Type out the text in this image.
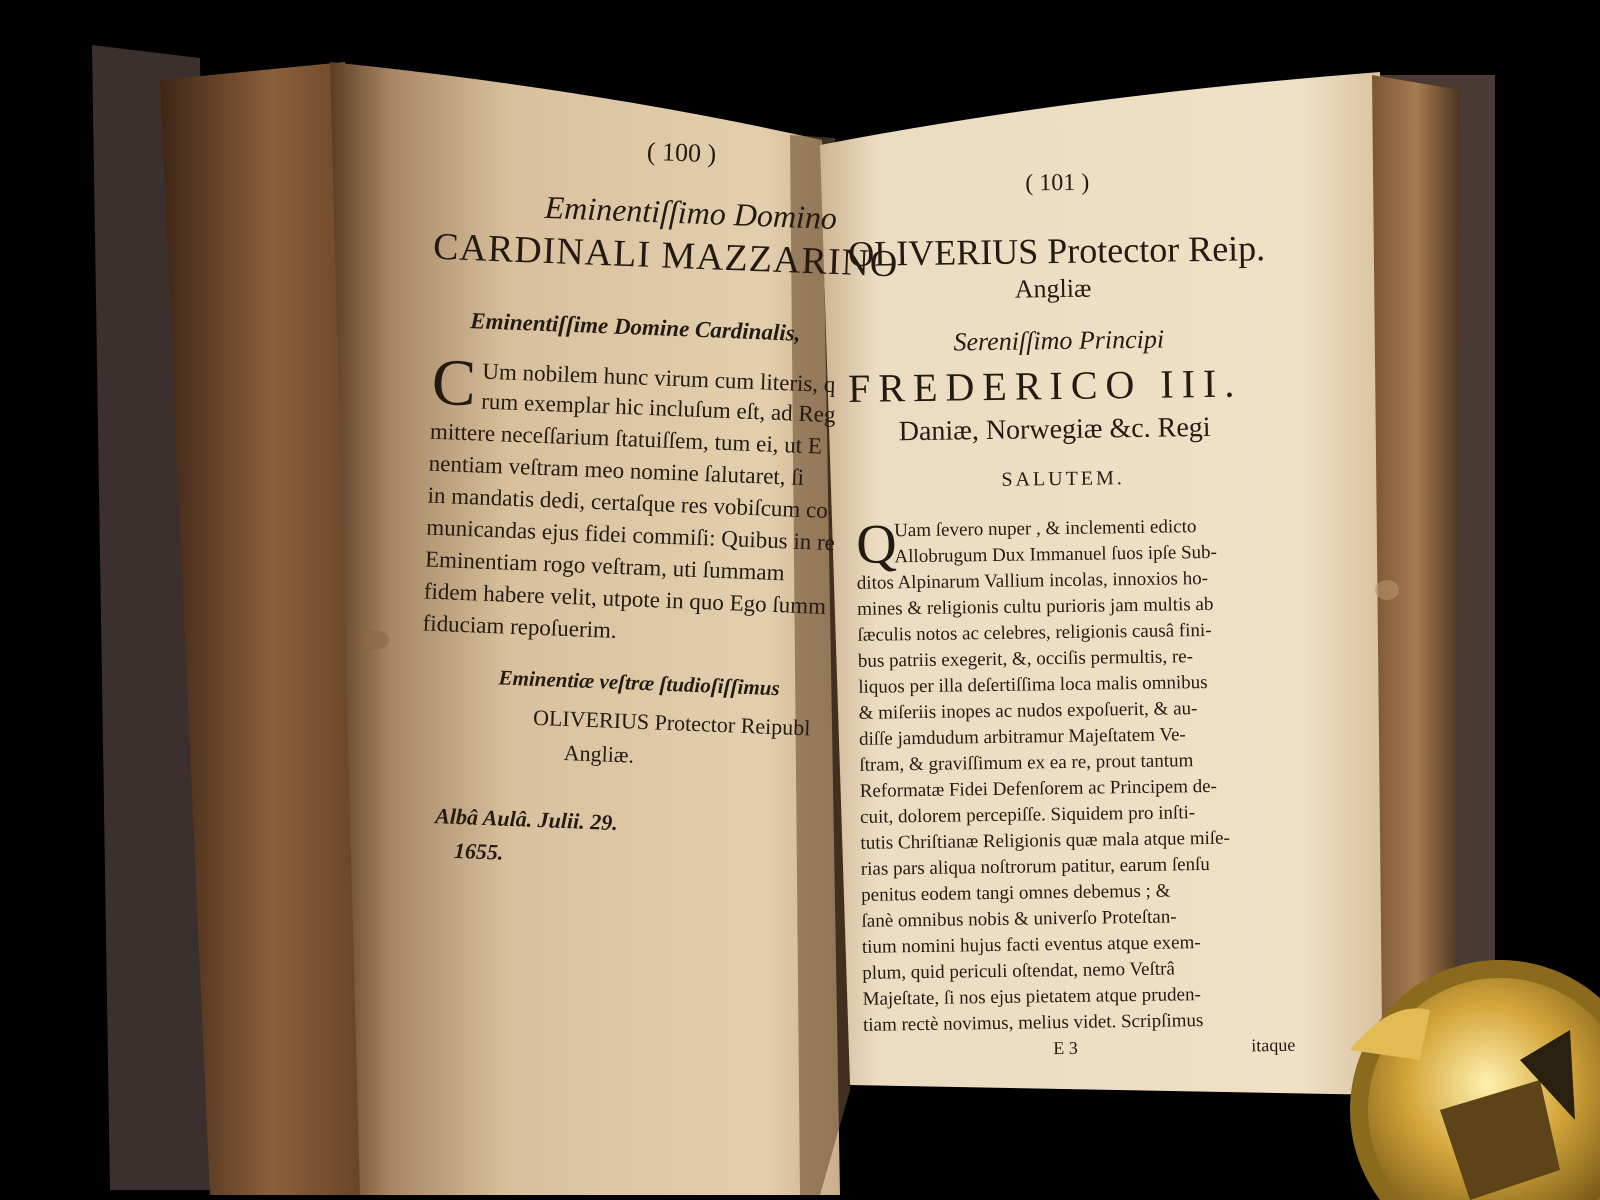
( 100 )
Eminentiſſimo Domino
CARDINALI MAZZARINO
Eminentiſſime Domine Cardinalis,
C Um nobilem hunc virum cum literis, q
rum exemplar hic incluſum eſt, ad Reg
mittere neceſſarium ſtatuiſſem, tum ei, ut E
nentiam veſtram meo nomine ſalutaret, ſi
in mandatis dedi, certaſque res vobiſcum co
municandas ejus fidei commiſi: Quibus in re
Eminentiam rogo veſtram, uti ſummam
fidem habere velit, utpote in quo Ego ſumm
fiduciam repoſuerim.
Eminentiæ veſtræ ſtudioſiſſimus
OLIVERIUS Protector Reipubl
Angliæ.
Albâ Aulâ. Julii. 29.
1655.
( 101 )
OLIVERIUS Protector Reip.
Angliæ
Sereniſſimo Principi
FREDERICO III.
Daniæ, Norwegiæ &c. Regi
SALUTEM.
Q
Uam ſevero nuper , & inclementi edicto
Allobrugum Dux Immanuel ſuos ipſe Sub-
ditos Alpinarum Vallium incolas, innoxios ho-
mines & religionis cultu purioris jam multis ab
ſæculis notos ac celebres, religionis causâ fini-
bus patriis exegerit, &, occiſis permultis, re-
liquos per illa deſertiſſima loca malis omnibus
& miſeriis inopes ac nudos expoſuerit, & au-
diſſe jamdudum arbitramur Majeſtatem Ve-
ſtram, & graviſſimum ex ea re, prout tantum
Reformatæ Fidei Defenſorem ac Principem de-
cuit, dolorem percepiſſe. Siquidem pro inſti-
tutis Chriſtianæ Religionis quæ mala atque miſe-
rias pars aliqua noſtrorum patitur, earum ſenſu
penitus eodem tangi omnes debemus ; &
ſanè omnibus nobis & univerſo Proteſtan-
tium nomini hujus facti eventus atque exem-
plum, quid periculi oſtendat, nemo Veſtrâ
Majeſtate, ſi nos ejus pietatem atque pruden-
tiam rectè novimus, melius videt. Scripſimus
E 3	itaque
